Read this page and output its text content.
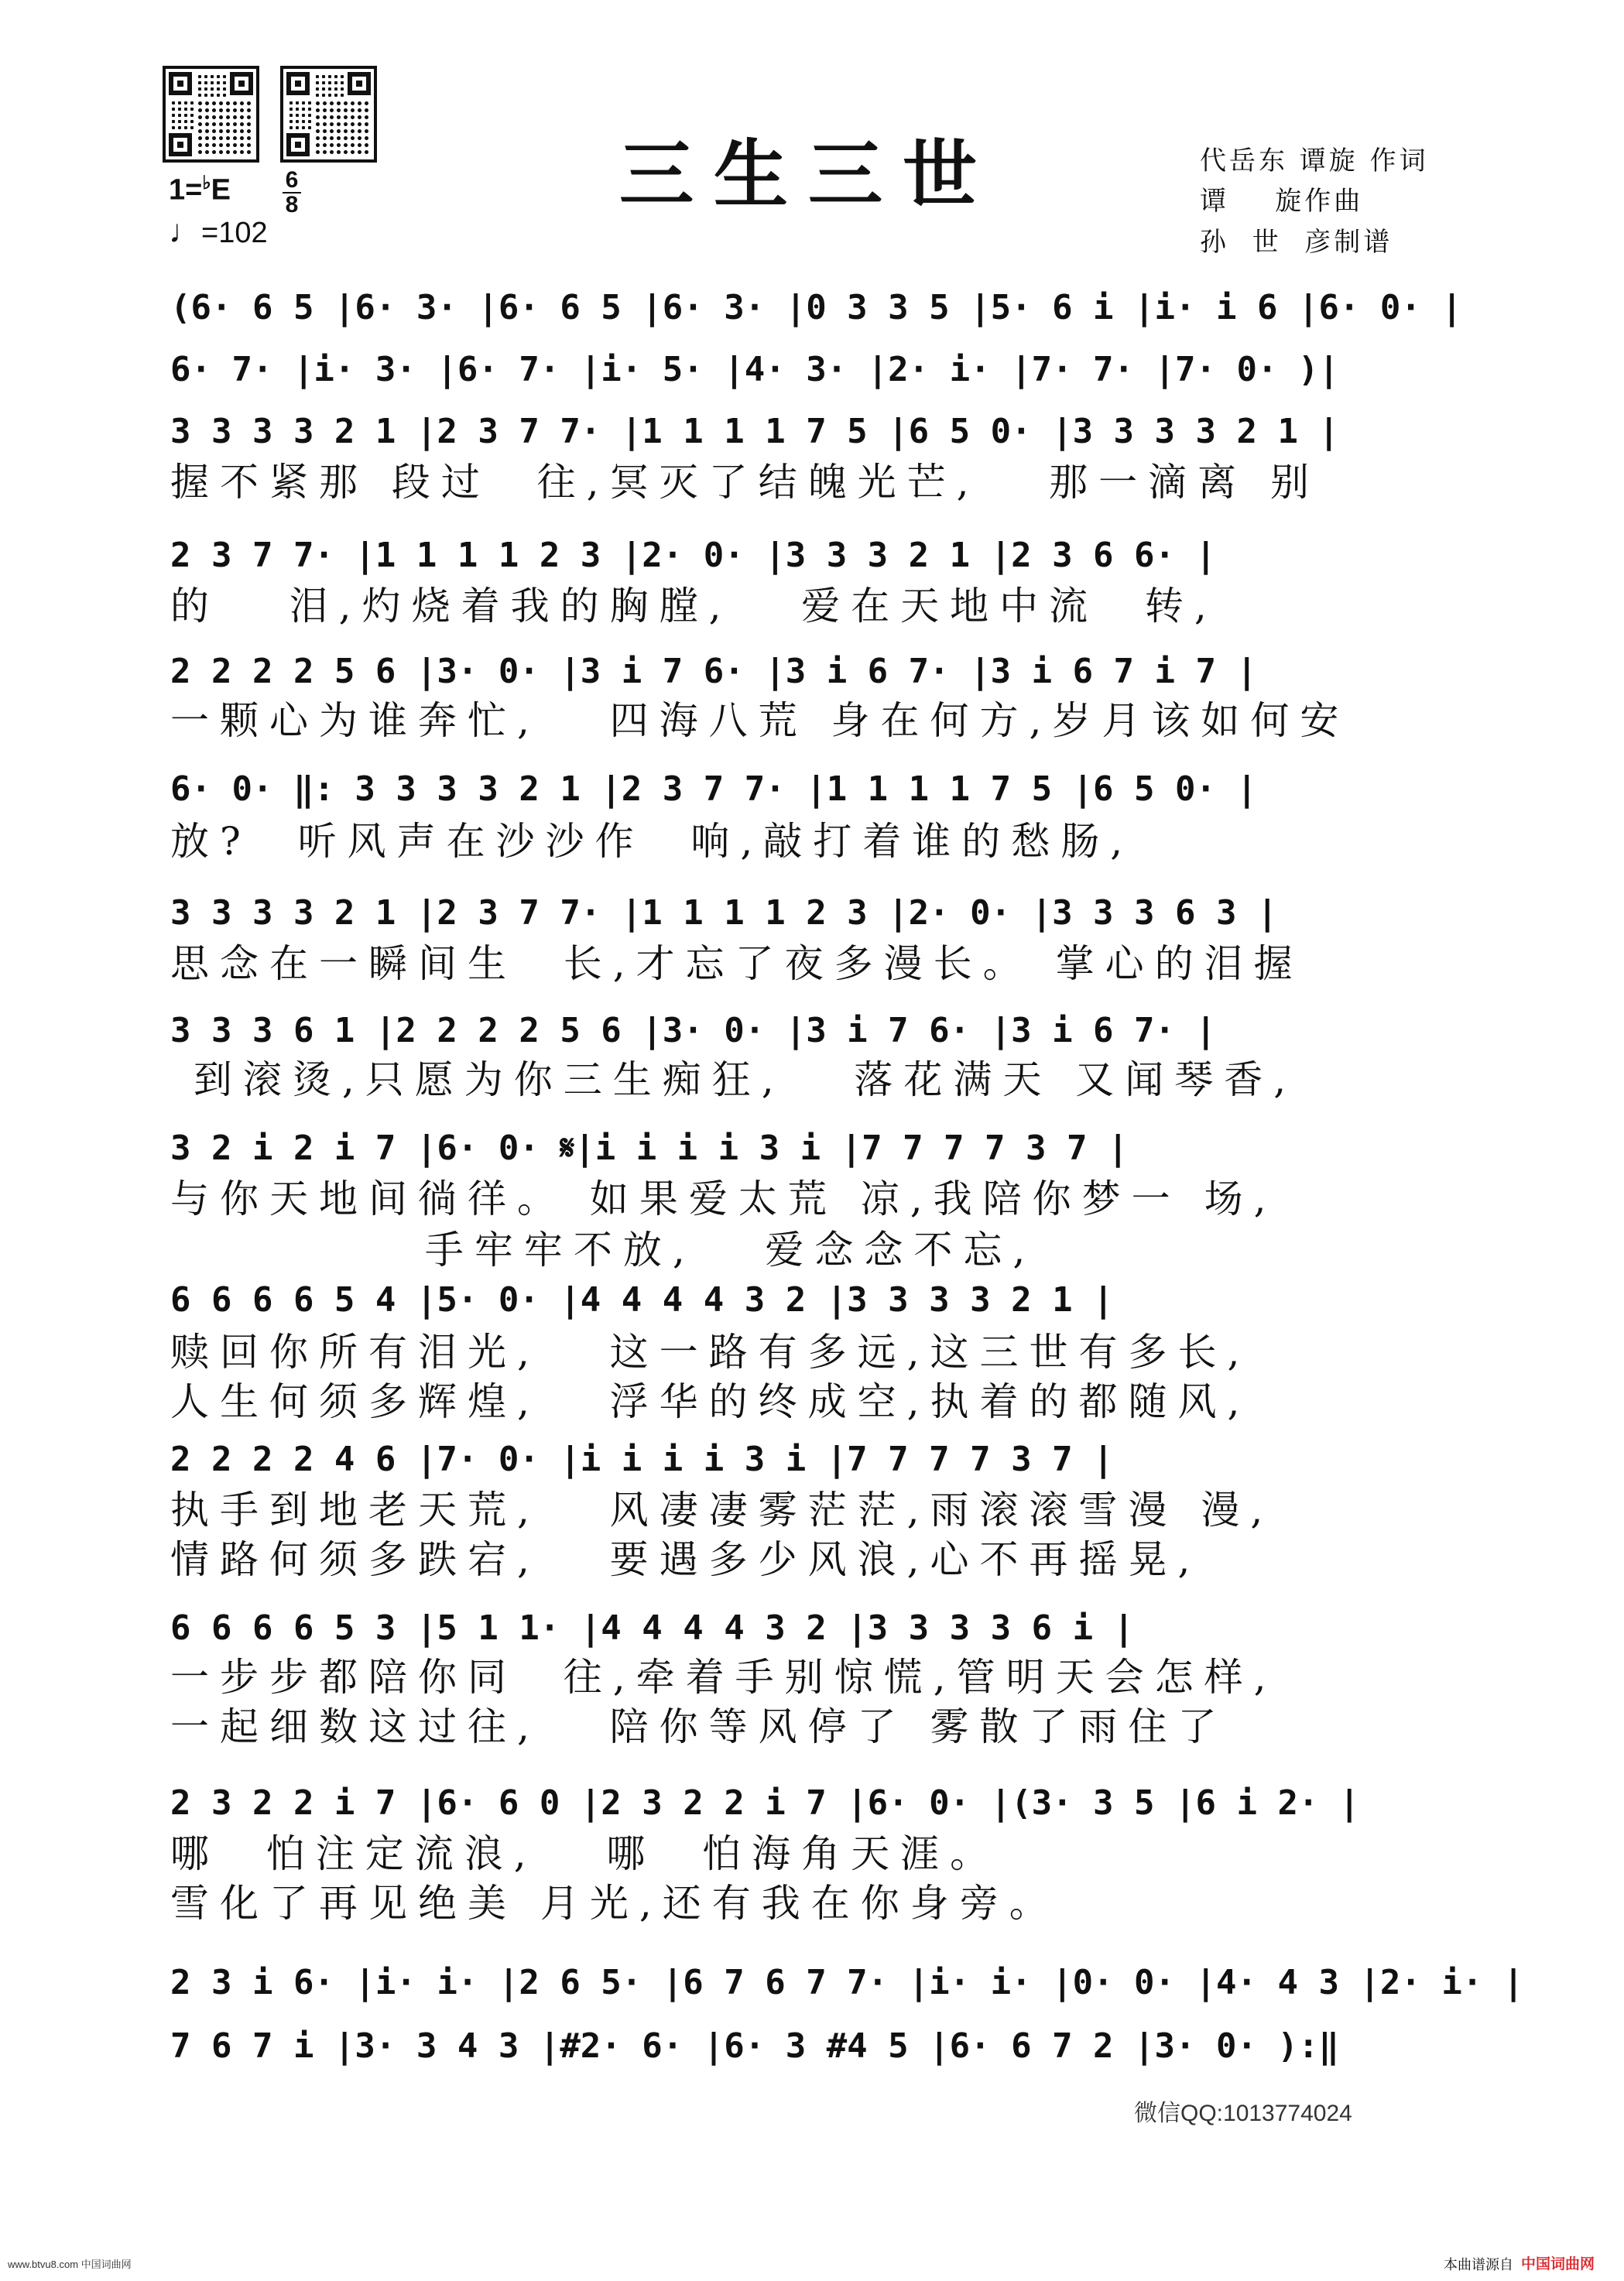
三生三世	代岳东 谭旋 作词
谭    旋作曲
孙  世  彦制谱
1=♭E 6
8
♩=102
(6· 6 5 |6· 3· |6· 6 5 |6· 3· |0 3 3 5 |5· 6 i |i· i 6 |6· 0· |
6· 7· |i· 3· |6· 7· |i· 5· |4· 3· |2· i· |7· 7· |7· 0· )|
3 3 3 3 2 1 |2 3 7 7· |1 1 1 1 7 5 |6 5 0· |3 3 3 3 2 1 |
握不紧那 段过  往,冥灭了结魄光芒,   那一滴离 别
2 3 7 7· |1 1 1 1 2 3 |2· 0· |3 3 3 2 1 |2 3 6 6· |
的   泪,灼烧着我的胸膛,   爱在天地中流  转,
2 2 2 2 5 6 |3· 0· |3 i 7 6· |3 i 6 7· |3 i 6 7 i 7 |
一颗心为谁奔忙,   四海八荒 身在何方,岁月该如何安
6· 0· ‖: 3 3 3 3 2 1 |2 3 7 7· |1 1 1 1 7 5 |6 5 0· |
放?  听风声在沙沙作  响,敲打着谁的愁肠,
3 3 3 3 2 1 |2 3 7 7· |1 1 1 1 2 3 |2· 0· |3 3 3 6 3 |
思念在一瞬间生  长,才忘了夜多漫长。 掌心的泪握
3 3 3 6 1 |2 2 2 2 5 6 |3· 0· |3 i 7 6· |3 i 6 7· |
到滚烫,只愿为你三生痴狂,   落花满天 又闻琴香,
3 2 i 2 i 7 |6· 0· 𝄋|i i i i 3 i |7 7 7 7 3 7 |
与你天地间徜徉。 如果爱太荒 凉,我陪你梦一 场,
手牢牢不放,   爱念念不忘,
6 6 6 6 5 4 |5· 0· |4 4 4 4 3 2 |3 3 3 3 2 1 |
赎回你所有泪光,   这一路有多远,这三世有多长,
人生何须多辉煌,   浮华的终成空,执着的都随风,
2 2 2 2 4 6 |7· 0· |i i i i 3 i |7 7 7 7 3 7 |
执手到地老天荒,   风凄凄雾茫茫,雨滚滚雪漫 漫,
情路何须多跌宕,   要遇多少风浪,心不再摇晃,
6 6 6 6 5 3 |5 1 1· |4 4 4 4 3 2 |3 3 3 3 6 i |
一步步都陪你同  往,牵着手别惊慌,管明天会怎样,
一起细数这过往,   陪你等风停了 雾散了雨住了
2 3 2 2 i 7 |6· 6 0 |2 3 2 2 i 7 |6· 0· |(3· 3 5 |6 i 2· |
哪  怕注定流浪,   哪  怕海角天涯。
雪化了再见绝美 月光,还有我在你身旁。
2 3 i 6· |i· i· |2 6 5· |6 7 6 7 7· |i· i· |0· 0· |4· 4 3 |2· i· |
7 6 7 i |3· 3 4 3 |#2· 6· |6· 3 #4 5 |6· 6 7 2 |3· 0· ):‖
微信QQ:1013774024
www.btvu8.com 中国词曲网	本曲谱源自 中国词曲网
